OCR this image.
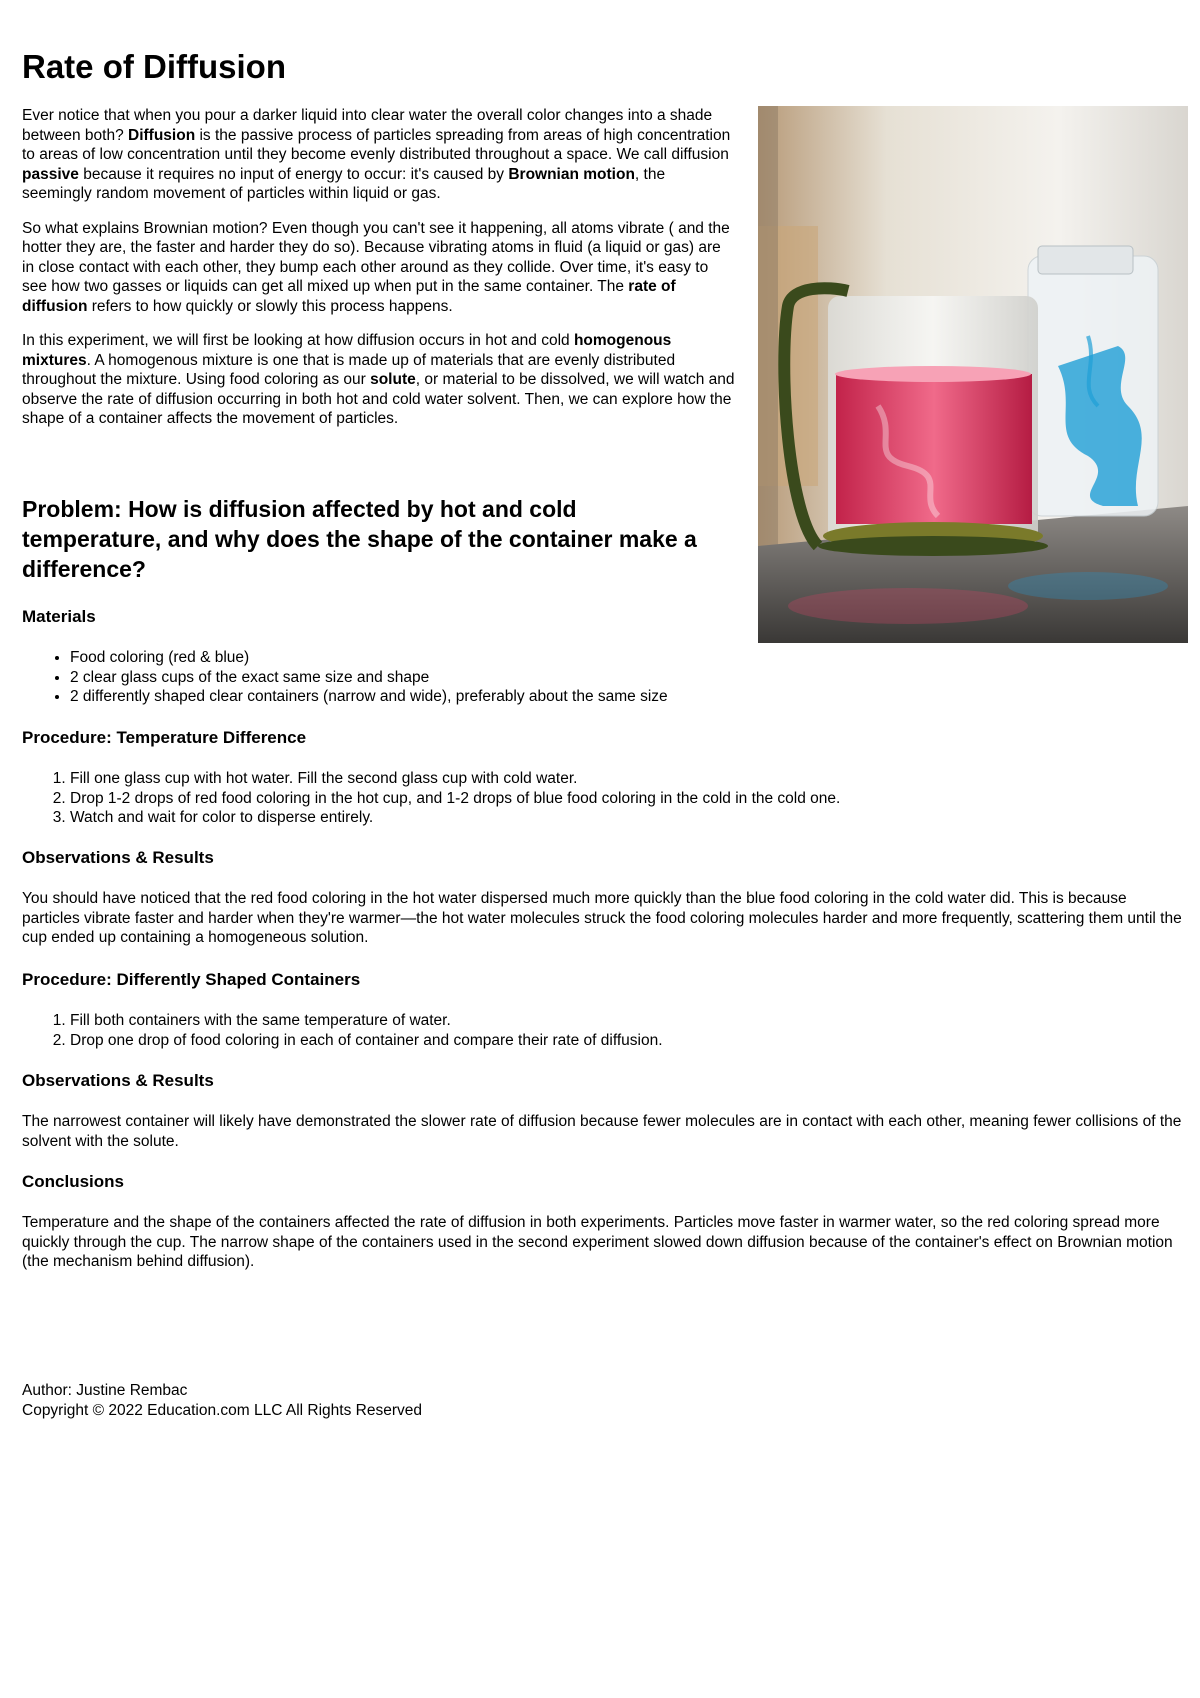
Rate of Diffusion

Ever notice that when you pour a darker liquid into clear water the overall color changes into a shade between both? Diffusion is the passive process of particles spreading from areas of high concentration to areas of low concentration until they become evenly distributed throughout a space. We call diffusion passive because it requires no input of energy to occur: it's caused by Brownian motion, the seemingly random movement of particles within liquid or gas.

So what explains Brownian motion? Even though you can't see it happening, all atoms vibrate ( and the hotter they are, the faster and harder they do so). Because vibrating atoms in fluid (a liquid or gas) are in close contact with each other, they bump each other around as they collide. Over time, it's easy to see how two gasses or liquids can get all mixed up when put in the same container. The rate of diffusion refers to how quickly or slowly this process happens.

In this experiment, we will first be looking at how diffusion occurs in hot and cold homogenous mixtures. A homogenous mixture is one that is made up of materials that are evenly distributed throughout the mixture. Using food coloring as our solute, or material to be dissolved, we will watch and observe the rate of diffusion occurring in both hot and cold water solvent. Then, we can explore how the shape of a container affects the movement of particles.

Problem: How is diffusion affected by hot and cold temperature, and why does the shape of the container make a difference?
Materials
• Food coloring (red & blue)
• 2 clear glass cups of the exact same size and shape
• 2 differently shaped clear containers (narrow and wide), preferably about the same size
Procedure: Temperature Difference
1. Fill one glass cup with hot water. Fill the second glass cup with cold water.
2. Drop 1-2 drops of red food coloring in the hot cup, and 1-2 drops of blue food coloring in the cold in the cold one.
3. Watch and wait for color to disperse entirely.
Observations & Results

You should have noticed that the red food coloring in the hot water dispersed much more quickly than the blue food coloring in the cold water did. This is because particles vibrate faster and harder when they're warmer—the hot water molecules struck the food coloring molecules harder and more frequently, scattering them until the cup ended up containing a homogeneous solution.

Procedure: Differently Shaped Containers
1. Fill both containers with the same temperature of water.
2. Drop one drop of food coloring in each of container and compare their rate of diffusion.
Observations & Results

The narrowest container will likely have demonstrated the slower rate of diffusion because fewer molecules are in contact with each other, meaning fewer collisions of the solvent with the solute.

Conclusions

Temperature and the shape of the containers affected the rate of diffusion in both experiments. Particles move faster in warmer water, so the red coloring spread more quickly through the cup. The narrow shape of the containers used in the second experiment slowed down diffusion because of the container's effect on Brownian motion (the mechanism behind diffusion).

Author: Justine Rembac
Copyright © 2022 Education.com LLC All Rights Reserved
